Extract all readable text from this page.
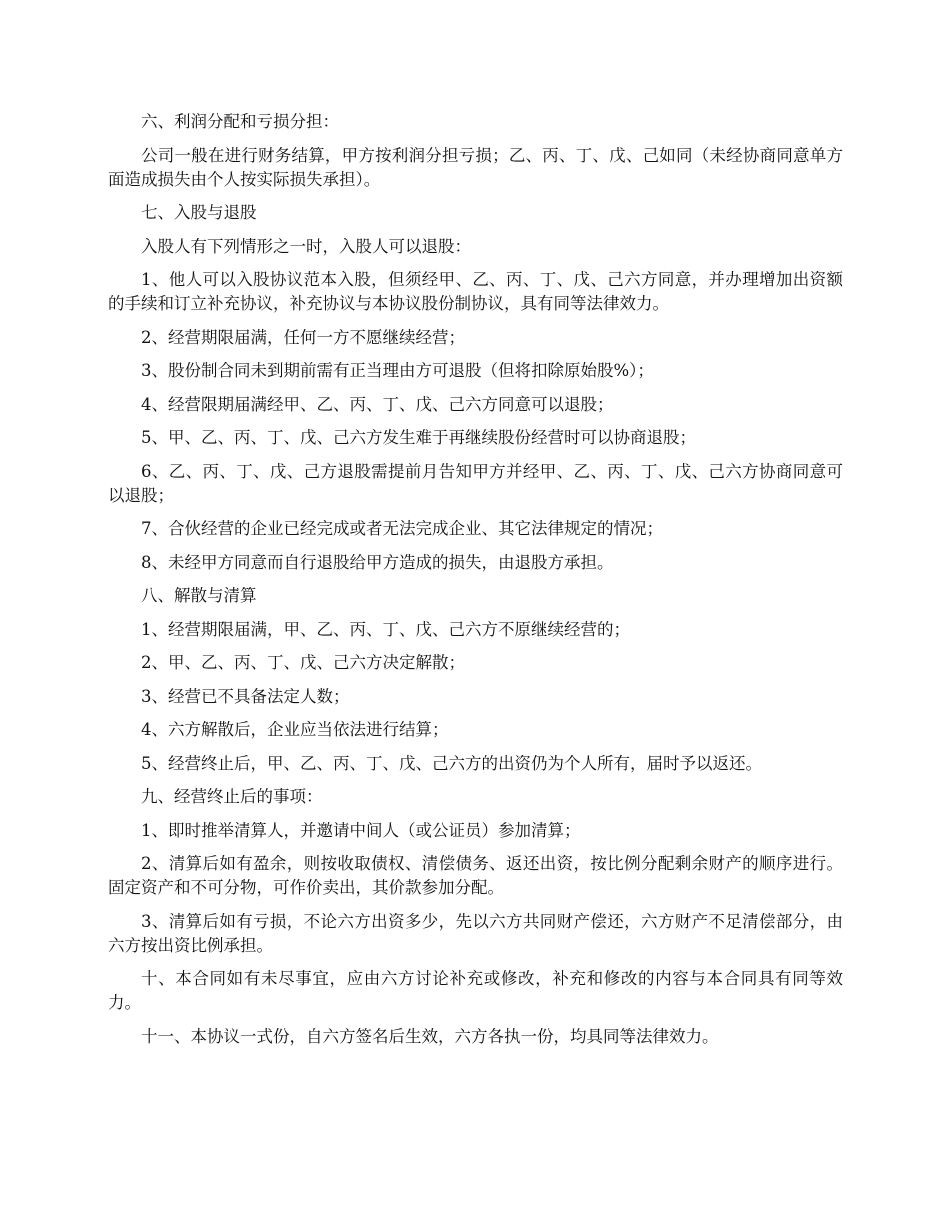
六、利润分配和亏损分担：

公司一般在进行财务结算，甲方按利润分担亏损；乙、丙、丁、戊、己如同（未经协商同意单方面造成损失由个人按实际损失承担）。

七、入股与退股

入股人有下列情形之一时，入股人可以退股：

1、他人可以入股协议范本入股，但须经甲、乙、丙、丁、戊、己六方同意，并办理增加出资额的手续和订立补充协议，补充协议与本协议股份制协议，具有同等法律效力。

2、经营期限届满，任何一方不愿继续经营；

3、股份制合同未到期前需有正当理由方可退股（但将扣除原始股%）；

4、经营限期届满经甲、乙、丙、丁、戊、己六方同意可以退股；

5、甲、乙、丙、丁、戊、己六方发生难于再继续股份经营时可以协商退股；

6、乙、丙、丁、戊、己方退股需提前月告知甲方并经甲、乙、丙、丁、戊、己六方协商同意可以退股；

7、合伙经营的企业已经完成或者无法完成企业、其它法律规定的情况；

8、未经甲方同意而自行退股给甲方造成的损失，由退股方承担。

八、解散与清算

1、经营期限届满，甲、乙、丙、丁、戊、己六方不原继续经营的；

2、甲、乙、丙、丁、戊、己六方决定解散；

3、经营已不具备法定人数；

4、六方解散后，企业应当依法进行结算；

5、经营终止后，甲、乙、丙、丁、戊、己六方的出资仍为个人所有，届时予以返还。

九、经营终止后的事项：

1、即时推举清算人，并邀请中间人（或公证员）参加清算；

2、清算后如有盈余，则按收取债权、清偿债务、返还出资，按比例分配剩余财产的顺序进行。固定资产和不可分物，可作价卖出，其价款参加分配。

3、清算后如有亏损，不论六方出资多少，先以六方共同财产偿还，六方财产不足清偿部分，由六方按出资比例承担。

十、本合同如有未尽事宜，应由六方讨论补充或修改，补充和修改的内容与本合同具有同等效力。

十一、本协议一式份，自六方签名后生效，六方各执一份，均具同等法律效力。
